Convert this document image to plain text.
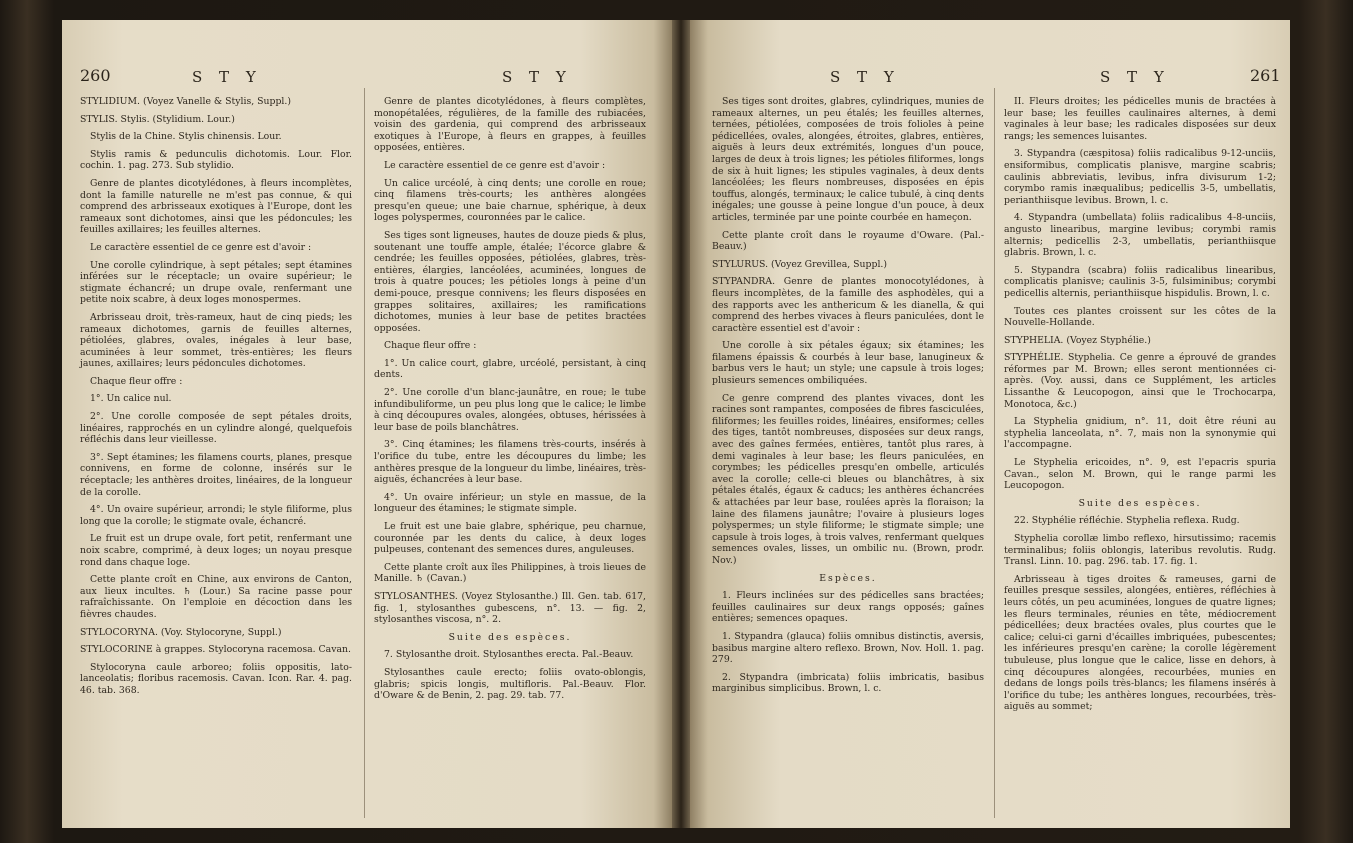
260	S T Y	S T Y

STYLIDIUM. (Voyez Vanelle & Stylis, Suppl.)

STYLIS. Stylis. (Stylidium. Lour.)

Stylis de la Chine. Stylis chinensis. Lour.

Stylis ramis & pedunculis dichotomis. Lour. Flor. cochin. 1. pag. 273. Sub stylidio.

Genre de plantes dicotylédones, à fleurs incomplètes, dont la famille naturelle ne m'est pas connue, & qui comprend des arbrisseaux exotiques à l'Europe, dont les rameaux sont dichotomes, ainsi que les pédoncules; les feuilles axillaires; les feuilles alternes.

Le caractère essentiel de ce genre est d'avoir :

Une corolle cylindrique, à sept pétales; sept étamines inférées sur le réceptacle; un ovaire supérieur; le stigmate échancré; un drupe ovale, renfermant une petite noix scabre, à deux loges monospermes.

Arbrisseau droit, très-rameux, haut de cinq pieds; les rameaux dichotomes, garnis de feuilles alternes, pétiolées, glabres, ovales, inégales à leur base, acuminées à leur sommet, très-entières; les fleurs jaunes, axillaires; leurs pédoncules dichotomes.

Chaque fleur offre :

1°. Un calice nul.

2°. Une corolle composée de sept pétales droits, linéaires, rapprochés en un cylindre alongé, quelquefois réfléchis dans leur vieillesse.

3°. Sept étamines; les filamens courts, planes, presque connivens, en forme de colonne, insérés sur le réceptacle; les anthères droites, linéaires, de la longueur de la corolle.

4°. Un ovaire supérieur, arrondi; le style filiforme, plus long que la corolle; le stigmate ovale, échancré.

Le fruit est un drupe ovale, fort petit, renfermant une noix scabre, comprimé, à deux loges; un noyau presque rond dans chaque loge.

Cette plante croît en Chine, aux environs de Canton, aux lieux incultes. ♄ (Lour.) Sa racine passe pour rafraîchissante. On l'emploie en décoction dans les fièvres chaudes.

STYLOCORYNA. (Voy. Stylocoryne, Suppl.)

STYLOCORINE à grappes. Stylocoryna racemosa. Cavan.

Stylocoryna caule arboreo; foliis oppositis, lato-lanceolatis; floribus racemosis. Cavan. Icon. Rar. 4. pag. 46. tab. 368.

Genre de plantes dicotylédones, à fleurs complètes, monopétalées, régulières, de la famille des rubiacées, voisin des gardenia, qui comprend des arbrisseaux exotiques à l'Europe, à fleurs en grappes, à feuilles opposées, entières.

Le caractère essentiel de ce genre est d'avoir :

Un calice urcéolé, à cinq dents; une corolle en roue; cinq filamens très-courts; les anthères alongées presqu'en queue; une baie charnue, sphérique, à deux loges polyspermes, couronnées par le calice.

Ses tiges sont ligneuses, hautes de douze pieds & plus, soutenant une touffe ample, étalée; l'écorce glabre & cendrée; les feuilles opposées, pétiolées, glabres, très-entières, élargies, lancéolées, acuminées, longues de trois à quatre pouces; les pétioles longs à peine d'un demi-pouce, presque connivens; les fleurs disposées en grappes solitaires, axillaires; les ramifications dichotomes, munies à leur base de petites bractées opposées.

Chaque fleur offre :

1°. Un calice court, glabre, urcéolé, persistant, à cinq dents.

2°. Une corolle d'un blanc-jaunâtre, en roue; le tube infundibuliforme, un peu plus long que le calice; le limbe à cinq découpures ovales, alongées, obtuses, hérissées à leur base de poils blanchâtres.

3°. Cinq étamines; les filamens très-courts, insérés à l'orifice du tube, entre les découpures du limbe; les anthères presque de la longueur du limbe, linéaires, très-aiguës, échancrées à leur base.

4°. Un ovaire inférieur; un style en massue, de la longueur des étamines; le stigmate simple.

Le fruit est une baie glabre, sphérique, peu charnue, couronnée par les dents du calice, à deux loges pulpeuses, contenant des semences dures, anguleuses.

Cette plante croît aux îles Philippines, à trois lieues de Manille. ♄ (Cavan.)

STYLOSANTHES. (Voyez Stylosanthe.) Ill. Gen. tab. 617, fig. 1, stylosanthes gubescens, n°. 13. — fig. 2, stylosanthes viscosa, n°. 2.

Suite des espèces.

7. Stylosanthe droit. Stylosanthes erecta. Pal.-Beauv.

Stylosanthes caule erecto; foliis ovato-oblongis, glabris; spicis longis, multifloris. Pal.-Beauv. Flor. d'Oware & de Benin, 2. pag. 29. tab. 77.

261
S T Y	S T Y

Ses tiges sont droites, glabres, cylindriques, munies de rameaux alternes, un peu étalés; les feuilles alternes, ternées, pétiolées, composées de trois folioles à peine pédicellées, ovales, alongées, étroites, glabres, entières, aiguës à leurs deux extrémités, longues d'un pouce, larges de deux à trois lignes; les pétioles filiformes, longs de six à huit lignes; les stipules vaginales, à deux dents lancéolées; les fleurs nombreuses, disposées en épis touffus, alongés, terminaux; le calice tubulé, à cinq dents inégales; une gousse à peine longue d'un pouce, à deux articles, terminée par une pointe courbée en hameçon.

Cette plante croît dans le royaume d'Oware. (Pal.-Beauv.)

STYLURUS. (Voyez Grevillea, Suppl.)

STYPANDRA. Genre de plantes monocotylédones, à fleurs incomplètes, de la famille des asphodèles, qui a des rapports avec les anthericum & les dianella, & qui comprend des herbes vivaces à fleurs paniculées, dont le caractère essentiel est d'avoir :

Une corolle à six pétales égaux; six étamines; les filamens épaissis & courbés à leur base, lanugineux & barbus vers le haut; un style; une capsule à trois loges; plusieurs semences ombiliquées.

Ce genre comprend des plantes vivaces, dont les racines sont rampantes, composées de fibres fasciculées, filiformes; les feuilles roides, linéaires, ensiformes; celles des tiges, tantôt nombreuses, disposées sur deux rangs, avec des gaînes fermées, entières, tantôt plus rares, à demi vaginales à leur base; les fleurs paniculées, en corymbes; les pédicelles presqu'en ombelle, articulés avec la corolle; celle-ci bleues ou blanchâtres, à six pétales étalés, égaux & caducs; les anthères échancrées & attachées par leur base, roulées après la floraison; la laine des filamens jaunâtre; l'ovaire à plusieurs loges polyspermes; un style filiforme; le stigmate simple; une capsule à trois loges, à trois valves, renfermant quelques semences ovales, lisses, un ombilic nu. (Brown, prodr. Nov.)

Espèces.

1. Fleurs inclinées sur des pédicelles sans bractées; feuilles caulinaires sur deux rangs opposés; gaînes entières; semences opaques.

1. Stypandra (glauca) foliis omnibus distinctis, aversis, basibus margine altero reflexo. Brown, Nov. Holl. 1. pag. 279.

2. Stypandra (imbricata) foliis imbricatis, basibus marginibus simplicibus. Brown, l. c.

II. Fleurs droites; les pédicelles munis de bractées à leur base; les feuilles caulinaires alternes, à demi vaginales à leur base; les radicales disposées sur deux rangs; les semences luisantes.

3. Stypandra (cæspitosa) foliis radicalibus 9-12-unciis, ensiformibus, complicatis planisve, margine scabris; caulinis abbreviatis, levibus, infra divisurum 1-2; corymbo ramis inæqualibus; pedicellis 3-5, umbellatis, perianthiisque levibus. Brown, l. c.

4. Stypandra (umbellata) foliis radicalibus 4-8-unciis, angusto linearibus, margine levibus; corymbi ramis alternis; pedicellis 2-3, umbellatis, perianthiisque glabris. Brown, l. c.

5. Stypandra (scabra) foliis radicalibus linearibus, complicatis planisve; caulinis 3-5, fulsiminibus; corymbi pedicellis alternis, perianthiisque hispidulis. Brown, l. c.

Toutes ces plantes croissent sur les côtes de la Nouvelle-Hollande.

STYPHELIA. (Voyez Styphélie.)

STYPHÉLIE. Styphelia. Ce genre a éprouvé de grandes réformes par M. Brown; elles seront mentionnées ci-après. (Voy. aussi, dans ce Supplément, les articles Lissanthe & Leucopogon, ainsi que le Trochocarpa, Monotoca, &c.)

La Styphelia gnidium, n°. 11, doit être réuni au styphelia lanceolata, n°. 7, mais non la synonymie qui l'accompagne.

Le Styphelia ericoides, n°. 9, est l'epacris spuria Cavan., selon M. Brown, qui le range parmi les Leucopogon.

Suite des espèces.

22. Styphélie réfléchie. Styphelia reflexa. Rudg.

Styphelia corollæ limbo reflexo, hirsutissimo; racemis terminalibus; foliis oblongis, lateribus revolutis. Rudg. Transl. Linn. 10. pag. 296. tab. 17. fig. 1.

Arbrisseau à tiges droites & rameuses, garni de feuilles presque sessiles, alongées, entières, réfléchies à leurs côtés, un peu acuminées, longues de quatre lignes; les fleurs terminales, réunies en tête, médiocrement pédicellées; deux bractées ovales, plus courtes que le calice; celui-ci garni d'écailles imbriquées, pubescentes; les inférieures presqu'en carène; la corolle légèrement tubuleuse, plus longue que le calice, lisse en dehors, à cinq découpures alongées, recourbées, munies en dedans de longs poils très-blancs; les filamens insérés à l'orifice du tube; les anthères longues, recourbées, très-aiguës au sommet;
